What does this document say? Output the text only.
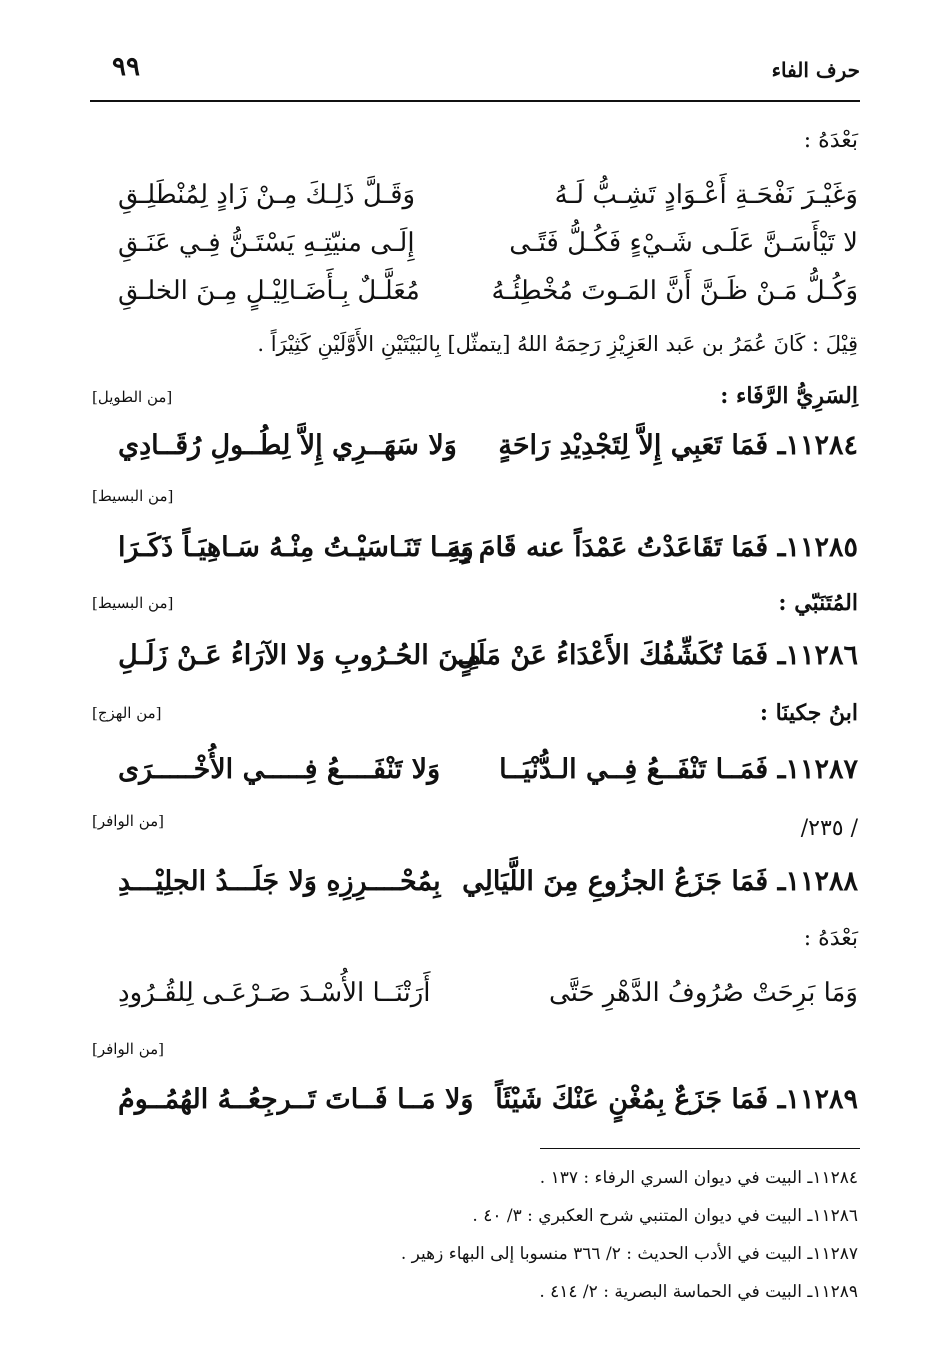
حرف الفاء
٩٩
بَعْدَهُ :
وَغَيْـرَ نَفْحَـةِ أَعْـوَادٍ تَشِـبُّ لَـهُ
وَقَـلَّ ذَلِـكَ مِـنْ زَادٍ لِمُنْطَلِـقِ
لا تَيْأَسَـنَّ عَلَـى شَـيْءٍ فَكُـلُّ فَتًـى
إِلَـى منيّتِـهِ يَسْتَـنُّ فِـي عَنَـقِ
وَكُـلُّ مَـنْ ظَـنَّ أَنَّ المَـوتَ مُخْطِئُـهُ
مُعَلَّـلٌ بِـأَضَـالِيْـلٍ مِـنَ الخلـقِ
قِيْلَ : كَانَ عُمَرُ بن عَبد العَزِيْزِ رَحِمَهُ اللهُ [يتمثّل] بِالبَيْتَيْنِ الأَوَّلَيْنِ كَثِيْرَاً .
اِلسَرِيُّ الرَّفَاء :
[من الطويل]
١١٢٨٤ـ فَمَا تَعَبِي إِلاَّ لِتَجْدِيْدِ رَاحَةٍ
وَلا سَهَــرِي إِلاَّ لِطُــولِ رُقَــادِي
[من البسيط]
١١٢٨٥ـ فَمَا تَقَاعَدْتُ عَمْدَاً عنه قَامَ بِهِ
وَمَـا تَنَـاسَيْـتُ مِنْـهُ سَـاهِيَـاً ذَكَـرَا
المُتَنَبّي :
[من البسيط]
١١٢٨٦ـ فَمَا تُكَشِّفُكَ الأَعْدَاءُ عَنْ مَلَلٍ
مِـنَ الحُـرُوبِ وَلا الآرَاءُ عَـنْ زَلَـلِ
ابنُ جكينَا :
[من الهزج]
١١٢٨٧ـ فَمَــا تَنْفَــعُ فِــي الـدُّنْيَــا
وَلا تَنْفَــــعُ فِـــــي الأُخْـــــرَى
[من الوافر]	/ ٢٣٥/
١١٢٨٨ـ فَمَا جَزَعُ الجزُوعِ مِنَ اللَّيَالِي
بِمُحْــــرِزِهِ وَلا جَلَـــدُ الجلِيْـــدِ
بَعْدَهُ :
وَمَا بَرِحَتْ صُرُوفُ الدَّهْرِ حَتَّى
أَرَتْنَــا الأُسْـدَ صَـرْعَـى لِلقُـرُودِ
[من الوافر]
١١٢٨٩ـ فَمَا جَزَعٌ بِمُغْنٍ عَنْكَ شَيْئَاً
وَلا مَــا فَــاتَ تَــرجِعُــهُ الهُمُــومُ
١١٢٨٤ـ البيت في ديوان السري الرفاء : ١٣٧ .
١١٢٨٦ـ البيت في ديوان المتنبي شرح العكبري : ٣/ ٤٠ .
١١٢٨٧ـ البيت في الأدب الحديث : ٢/ ٣٦٦ منسوبا إلى البهاء زهير .
١١٢٨٩ـ البيت في الحماسة البصرية : ٢/ ٤١٤ .
